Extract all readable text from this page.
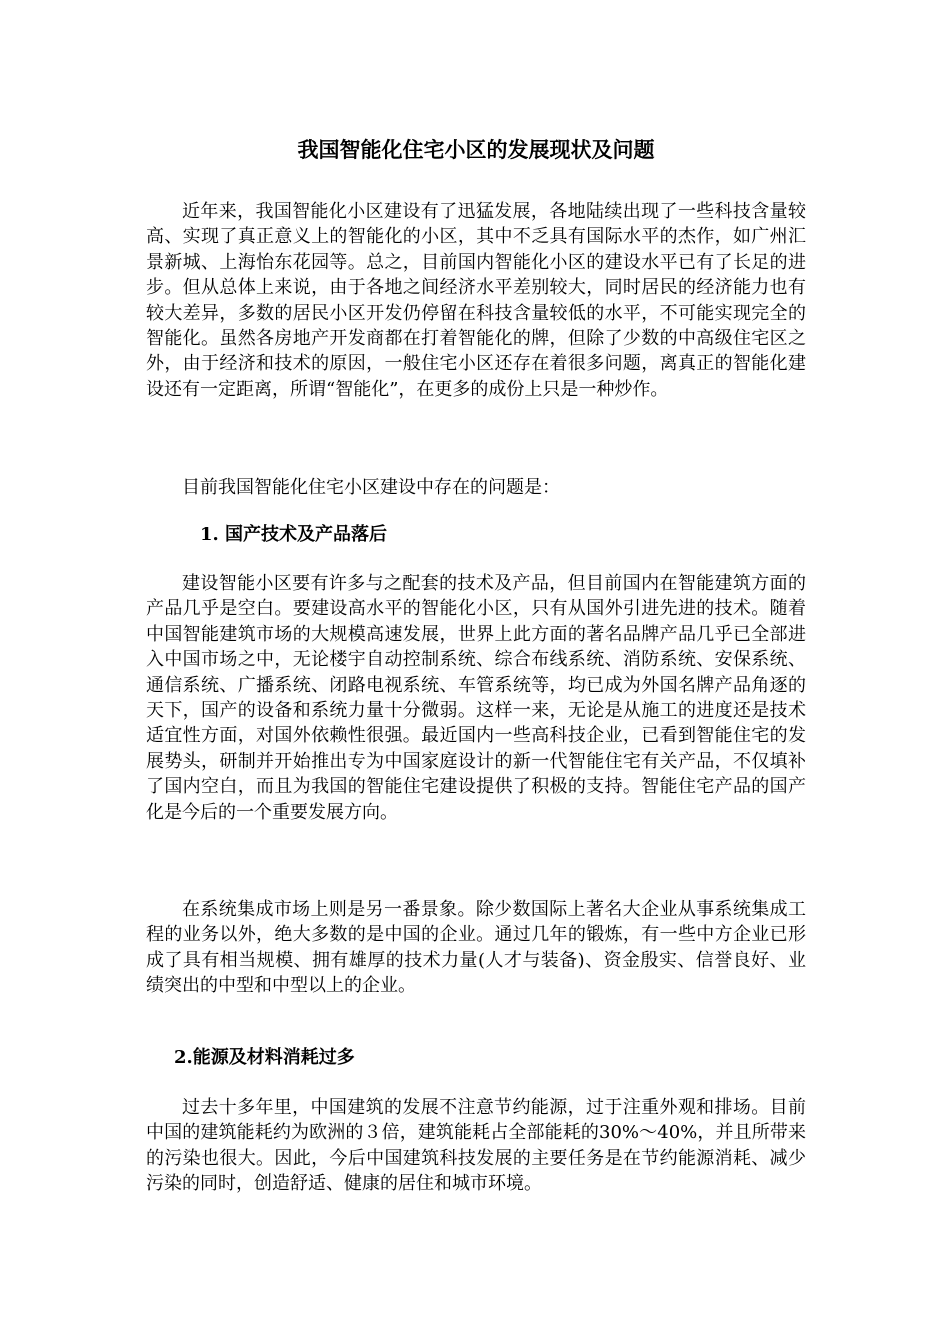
我国智能化住宅小区的发展现状及问题

近年来，我国智能化小区建设有了迅猛发展，各地陆续出现了一些科技含量较高、实现了真正意义上的智能化的小区，其中不乏具有国际水平的杰作，如广州汇景新城、上海怡东花园等。总之，目前国内智能化小区的建设水平已有了长足的进步。但从总体上来说，由于各地之间经济水平差别较大，同时居民的经济能力也有较大差异，多数的居民小区开发仍停留在科技含量较低的水平，不可能实现完全的智能化。虽然各房地产开发商都在打着智能化的牌，但除了少数的中高级住宅区之外，由于经济和技术的原因，一般住宅小区还存在着很多问题，离真正的智能化建设还有一定距离，所谓“智能化”，在更多的成份上只是一种炒作。

目前我国智能化住宅小区建设中存在的问题是：

1. 国产技术及产品落后

建设智能小区要有许多与之配套的技术及产品，但目前国内在智能建筑方面的产品几乎是空白。要建设高水平的智能化小区，只有从国外引进先进的技术。随着中国智能建筑市场的大规模高速发展，世界上此方面的著名品牌产品几乎已全部进入中国市场之中，无论楼宇自动控制系统、综合布线系统、消防系统、安保系统、通信系统、广播系统、闭路电视系统、车管系统等，均已成为外国名牌产品角逐的天下，国产的设备和系统力量十分微弱。这样一来，无论是从施工的进度还是技术适宜性方面，对国外依赖性很强。最近国内一些高科技企业，已看到智能住宅的发展势头，研制并开始推出专为中国家庭设计的新一代智能住宅有关产品，不仅填补了国内空白，而且为我国的智能住宅建设提供了积极的支持。智能住宅产品的国产化是今后的一个重要发展方向。

在系统集成市场上则是另一番景象。除少数国际上著名大企业从事系统集成工程的业务以外，绝大多数的是中国的企业。通过几年的锻炼，有一些中方企业已形成了具有相当规模、拥有雄厚的技术力量(人才与装备)、资金殷实、信誉良好、业绩突出的中型和中型以上的企业。

2.能源及材料消耗过多

过去十多年里，中国建筑的发展不注意节约能源，过于注重外观和排场。目前中国的建筑能耗约为欧洲的３倍，建筑能耗占全部能耗的30%～40%，并且所带来的污染也很大。因此，今后中国建筑科技发展的主要任务是在节约能源消耗、减少污染的同时，创造舒适、健康的居住和城市环境。
